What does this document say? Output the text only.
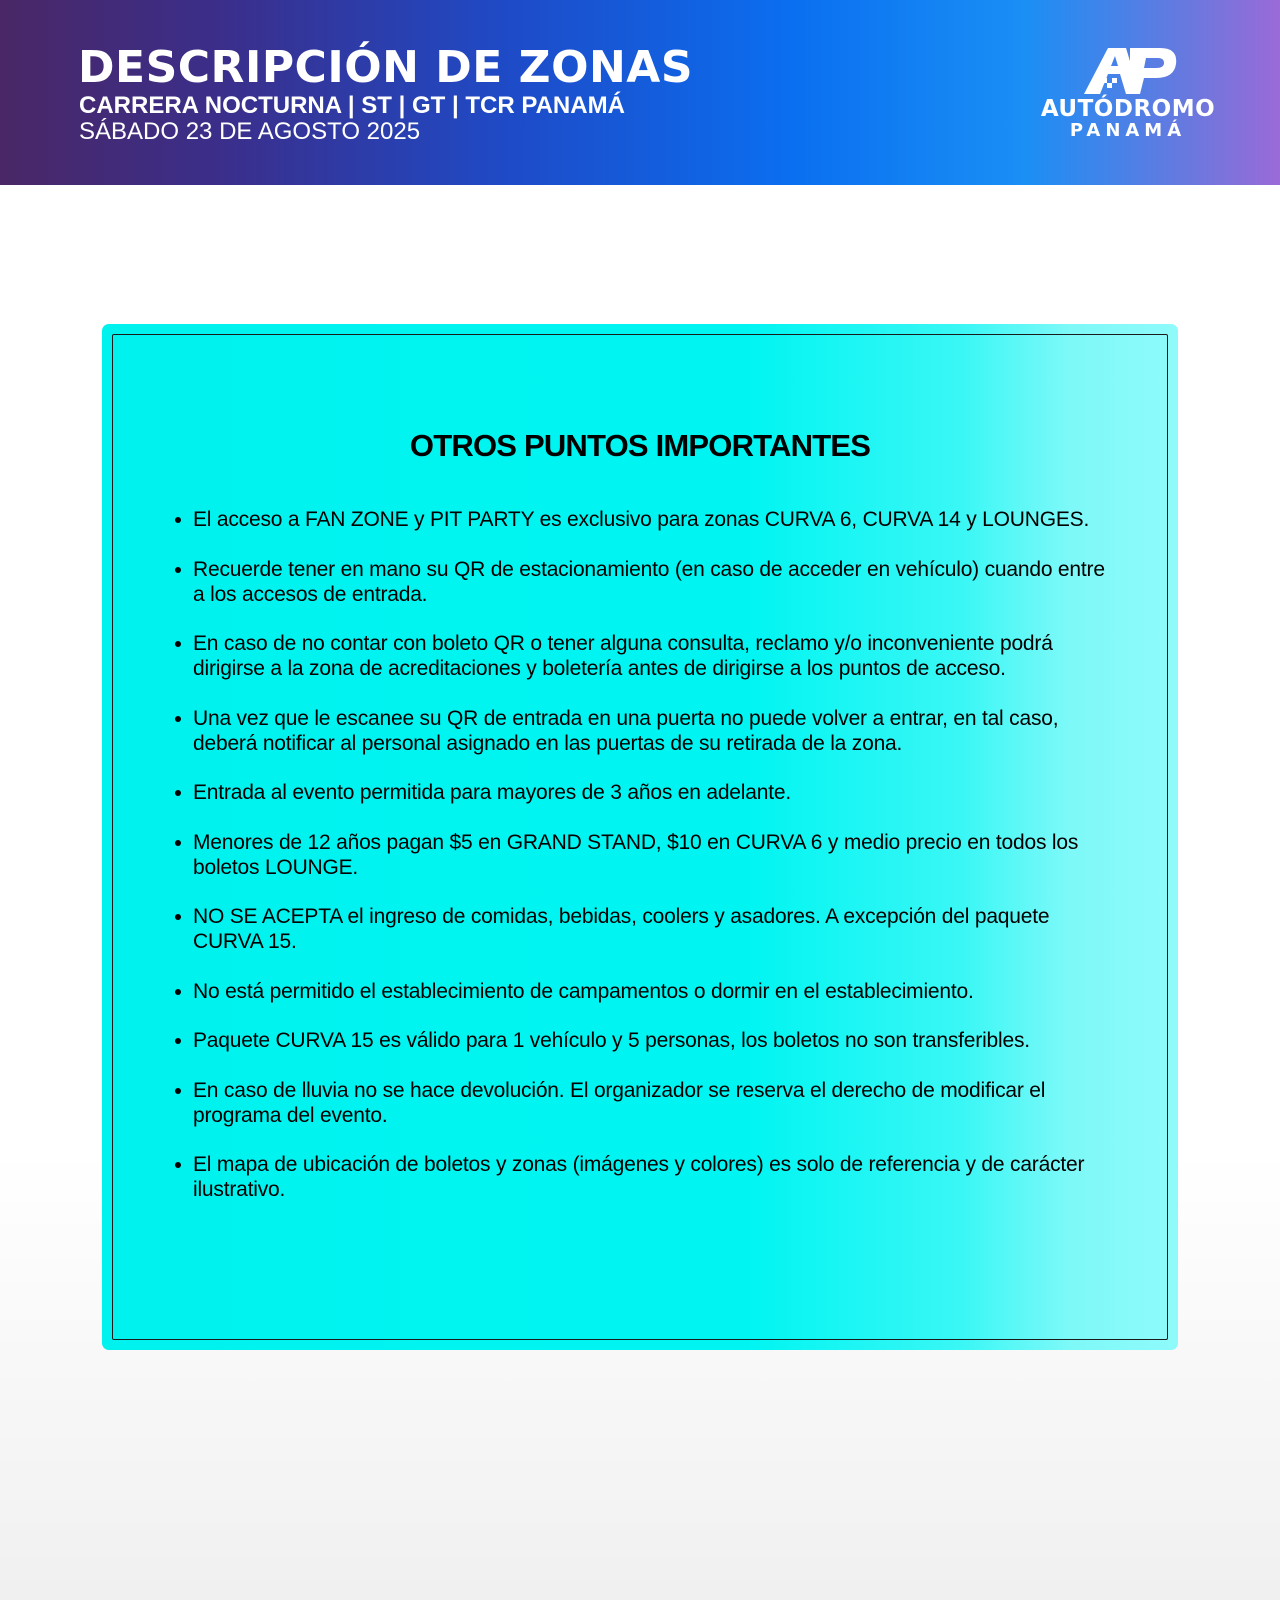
DESCRIPCIÓN DE ZONAS
CARRERA NOCTURNA | ST | GT | TCR PANAMÁ
SÁBADO 23 DE AGOSTO 2025
AUTÓDROMO
PANAMÁ
OTROS PUNTOS IMPORTANTES
El acceso a FAN ZONE y PIT PARTY es exclusivo para zonas CURVA 6, CURVA 14 y LOUNGES.
Recuerde tener en mano su QR de estacionamiento (en caso de acceder en vehículo) cuando entre a los accesos de entrada.
En caso de no contar con boleto QR o tener alguna consulta, reclamo y/o inconveniente podrá dirigirse a la zona de acreditaciones y boletería antes de dirigirse a los puntos de acceso.
Una vez que le escanee su QR de entrada en una puerta no puede volver a entrar, en tal caso, deberá notificar al personal asignado en las puertas de su retirada de la zona.
Entrada al evento permitida para mayores de 3 años en adelante.
Menores de 12 años pagan $5 en GRAND STAND, $10 en CURVA 6 y medio precio en todos los boletos LOUNGE.
NO SE ACEPTA el ingreso de comidas, bebidas, coolers y asadores. A excepción del paquete CURVA 15.
No está permitido el establecimiento de campamentos o dormir en el establecimiento.
Paquete CURVA 15 es válido para 1 vehículo y 5 personas, los boletos no son transferibles.
En caso de lluvia no se hace devolución. El organizador se reserva el derecho de modificar el programa del evento.
El mapa de ubicación de boletos y zonas (imágenes y colores) es solo de referencia y de carácter ilustrativo.
